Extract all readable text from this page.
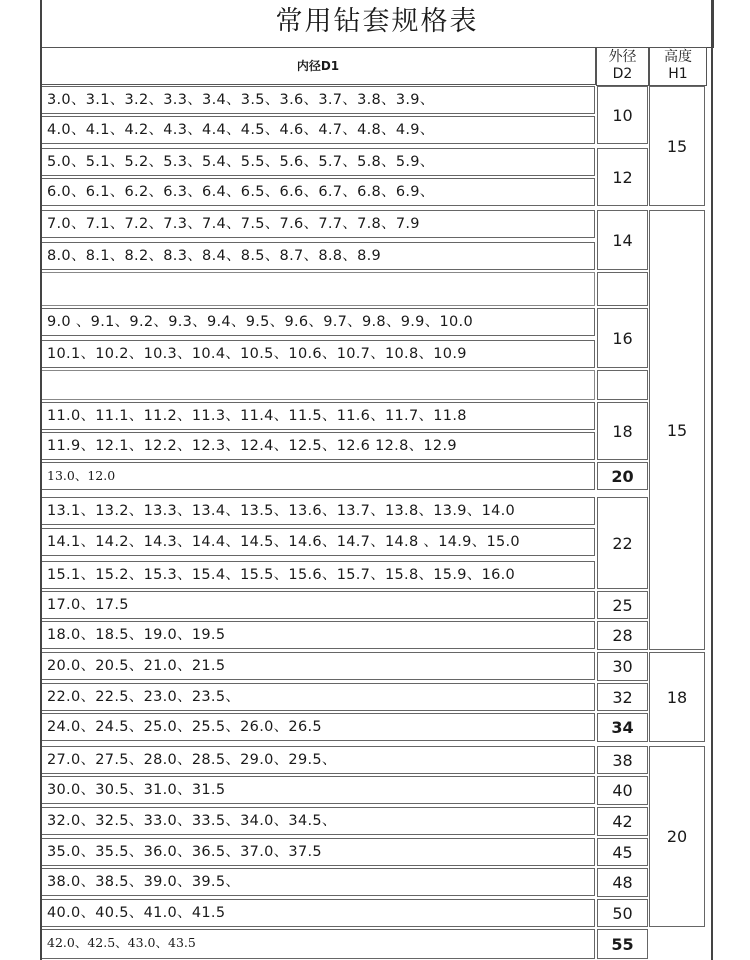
常用钻套规格表
内径D1
外径
D2
高度
H1
3.0、3.1、3.2、3.3、3.4、3.5、3.6、3.7、3.8、3.9、
4.0、4.1、4.2、4.3、4.4、4.5、4.6、4.7、4.8、4.9、
5.0、5.1、5.2、5.3、5.4、5.5、5.6、5.7、5.8、5.9、
6.0、6.1、6.2、6.3、6.4、6.5、6.6、6.7、6.8、6.9、
7.0、7.1、7.2、7.3、7.4、7.5、7.6、7.7、7.8、7.9
8.0、8.1、8.2、8.3、8.4、8.5、8.7、8.8、8.9
9.0 、9.1、9.2、9.3、9.4、9.5、9.6、9.7、9.8、9.9、10.0
10.1、10.2、10.3、10.4、10.5、10.6、10.7、10.8、10.9
11.0、11.1、11.2、11.3、11.4、11.5、11.6、11.7、11.8
11.9、12.1、12.2、12.3、12.4、12.5、12.6 12.8、12.9
13.0、12.0
13.1、13.2、13.3、13.4、13.5、13.6、13.7、13.8、13.9、14.0
14.1、14.2、14.3、14.4、14.5、14.6、14.7、14.8 、14.9、15.0
15.1、15.2、15.3、15.4、15.5、15.6、15.7、15.8、15.9、16.0
17.0、17.5
18.0、18.5、19.0、19.5
20.0、20.5、21.0、21.5
22.0、22.5、23.0、23.5、
24.0、24.5、25.0、25.5、26.0、26.5
27.0、27.5、28.0、28.5、29.0、29.5、
30.0、30.5、31.0、31.5
32.0、32.5、33.0、33.5、34.0、34.5、
35.0、35.5、36.0、36.5、37.0、37.5
38.0、38.5、39.0、39.5、
40.0、40.5、41.0、41.5
42.0、42.5、43.0、43.5
10
12
14
16
18
20
22
25
28
30
32
34
38
40
42
45
48
50
55
15
15
18
20
